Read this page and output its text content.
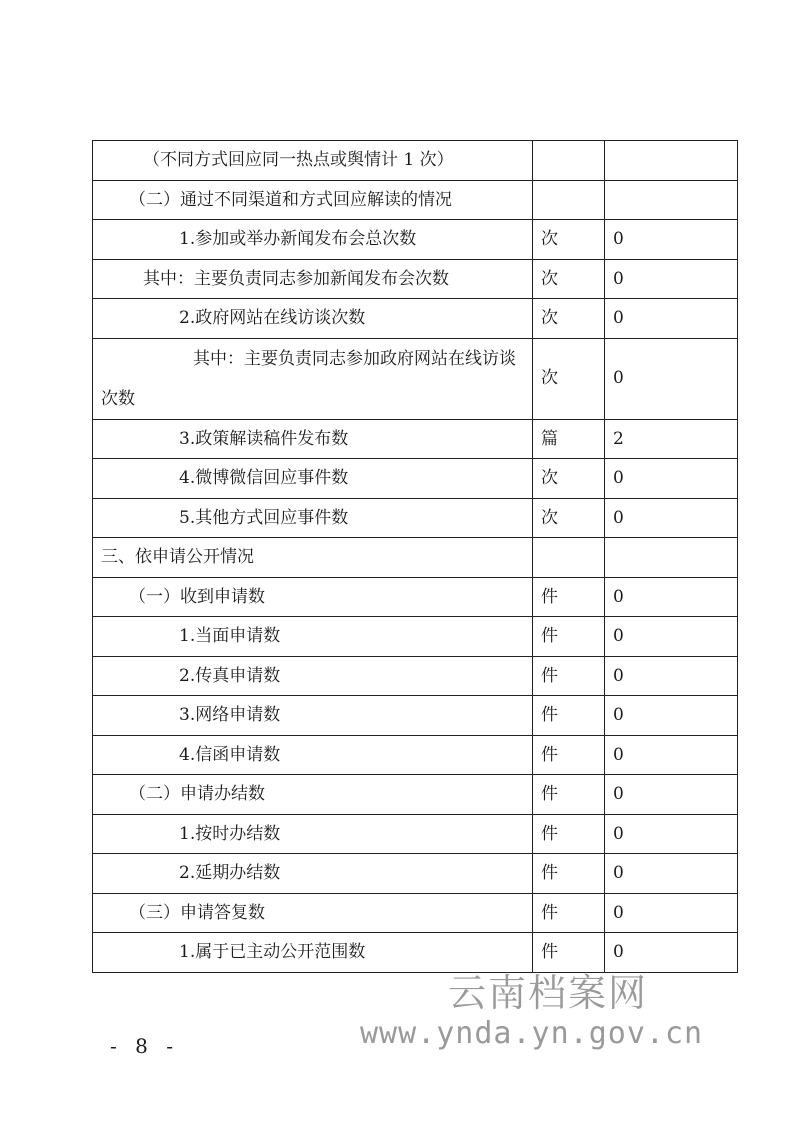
（不同方式回应同一热点或舆情计 1 次）		
（二）通过不同渠道和方式回应解读的情况		
1.参加或举办新闻发布会总次数	次	0
其中：主要负责同志参加新闻发布会次数	次	0
2.政府网站在线访谈次数	次	0
其中：主要负责同志参加政府网站在线访谈次数	次	0
3.政策解读稿件发布数	篇	2
4.微博微信回应事件数	次	0
5.其他方式回应事件数	次	0
三、依申请公开情况		
（一）收到申请数	件	0
1.当面申请数	件	0
2.传真申请数	件	0
3.网络申请数	件	0
4.信函申请数	件	0
（二）申请办结数	件	0
1.按时办结数	件	0
2.延期办结数	件	0
（三）申请答复数	件	0
1.属于已主动公开范围数	件	0
- 8 -
云南档案网
www.ynda.yn.gov.cn
